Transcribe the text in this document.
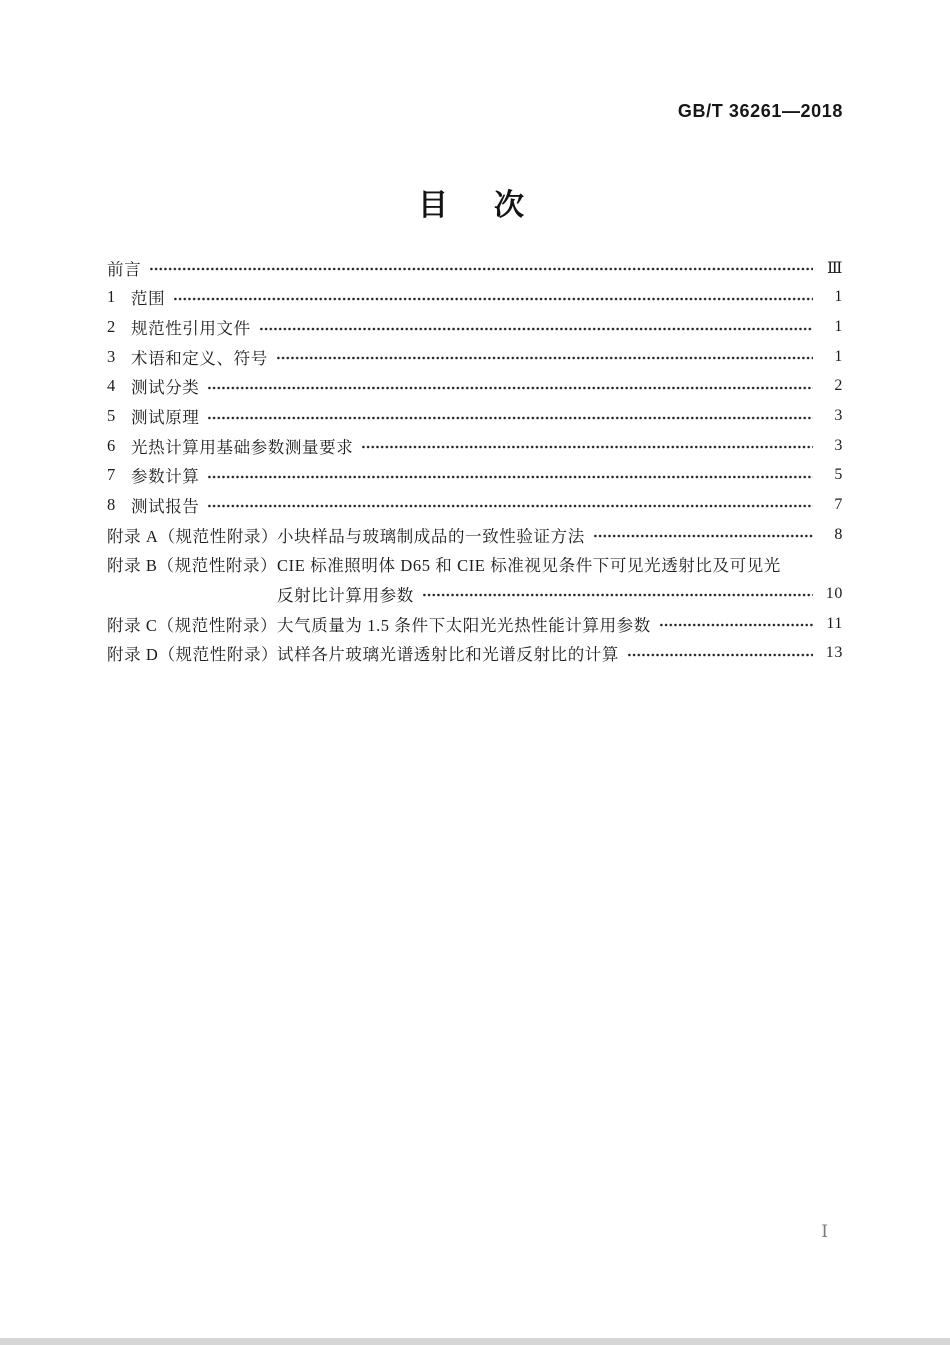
GB/T 36261—2018
目　次
前言	Ⅲ
1 范围	1
2 规范性引用文件	1
3 术语和定义、符号	1
4 测试分类	2
5 测试原理	3
6 光热计算用基础参数测量要求	3
7 参数计算	5
8 测试报告	7
附录 A（规范性附录）
小块样品与玻璃制成品的一致性验证方法	8
附录 B（规范性附录） CIE 标准照明体 D65 和 CIE 标准视见条件下可见光透射比及可见光
反射比计算用参数	10
附录 C（规范性附录） 大气质量为 1.5 条件下太阳光光热性能计算用参数	11
附录 D（规范性附录）
试样各片玻璃光谱透射比和光谱反射比的计算	13
Ⅰ
